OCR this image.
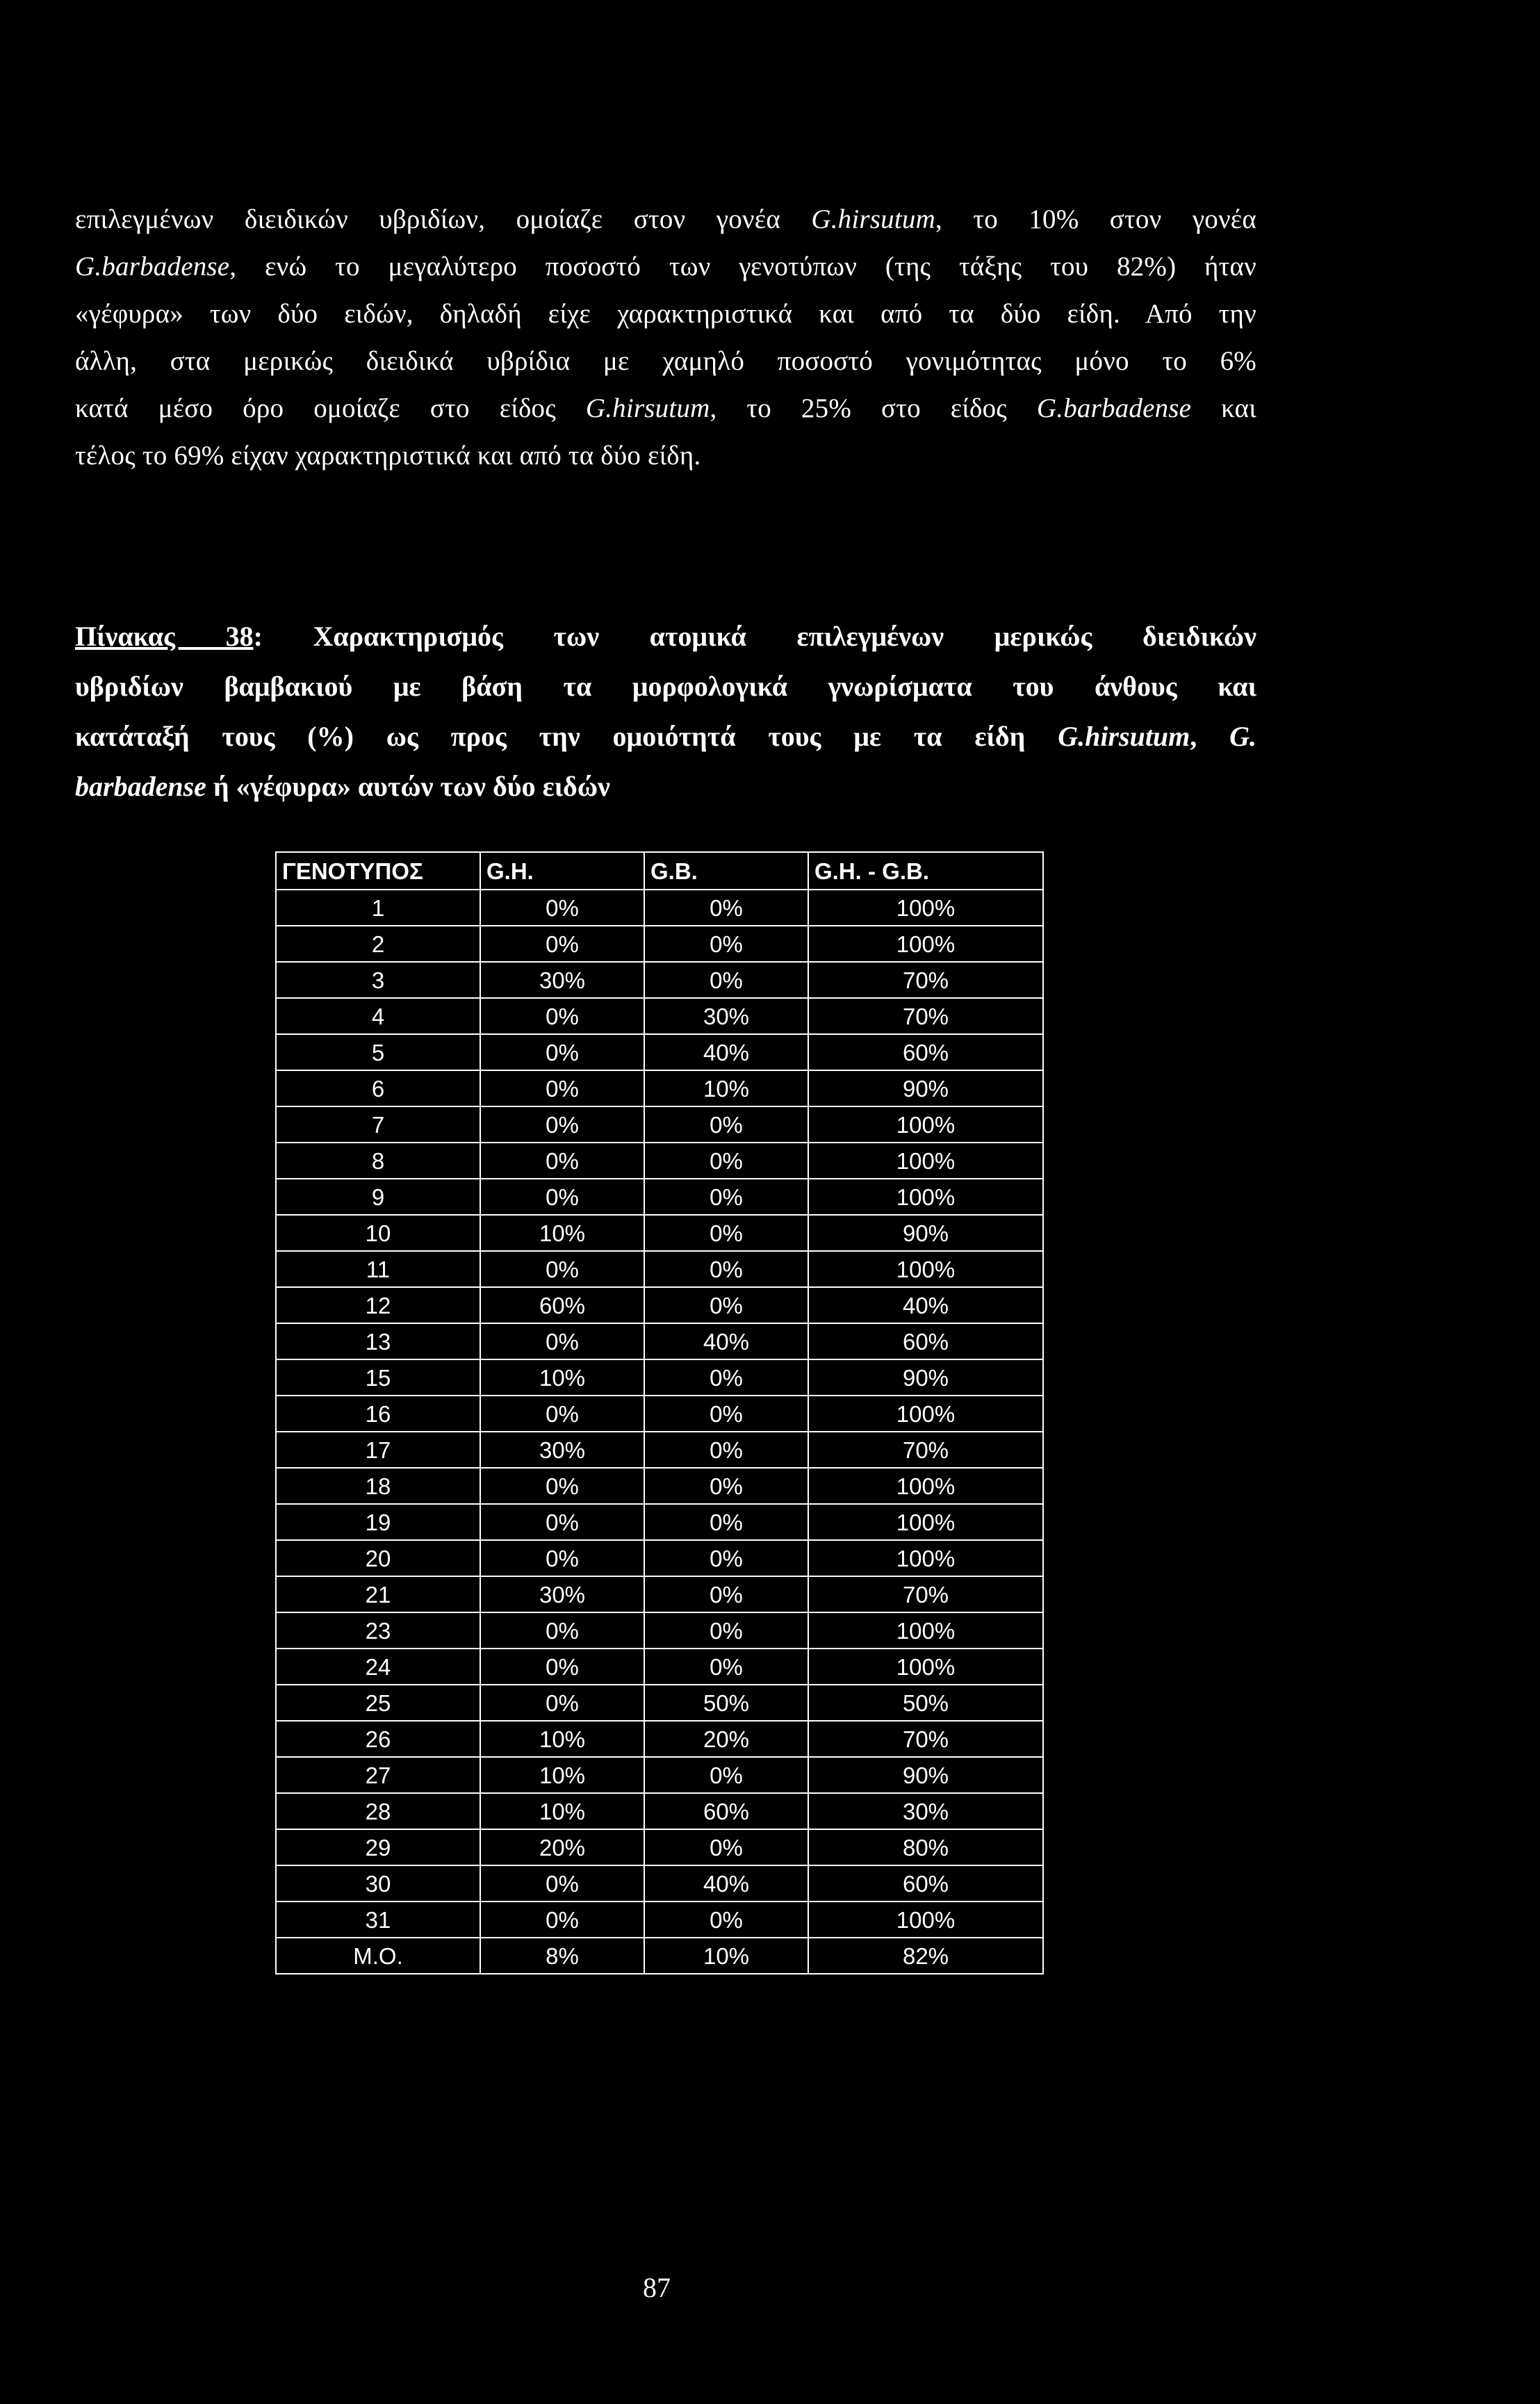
επιλεγμένων διειδικών υβριδίων, ομοίαζε στον γονέα G.hirsutum, το 10% στον γονέα
G.barbadense, ενώ το μεγαλύτερο ποσοστό των γενοτύπων (της τάξης του 82%) ήταν
«γέφυρα» των δύο ειδών, δηλαδή είχε χαρακτηριστικά και από τα δύο είδη. Από την
άλλη, στα μερικώς διειδικά υβρίδια με χαμηλό ποσοστό γονιμότητας μόνο το 6%
κατά μέσο όρο ομοίαζε στο είδος G.hirsutum, το 25% στο είδος G.barbadense και
τέλος το 69% είχαν χαρακτηριστικά και από τα δύο είδη.
Πίνακας 38: Χαρακτηρισμός των ατομικά επιλεγμένων μερικώς διειδικών
υβριδίων βαμβακιού με βάση τα μορφολογικά γνωρίσματα του άνθους και
κατάταξή τους (%) ως προς την ομοιότητά τους με τα είδη G.hirsutum, G.
barbadense ή «γέφυρα» αυτών των δύο ειδών
ΓΕΝΟΤΥΠΟΣ	G.H.	G.B.	G.H. - G.B.
1	0%	0%	100%
2	0%	0%	100%
3	30%	0%	70%
4	0%	30%	70%
5	0%	40%	60%
6	0%	10%	90%
7	0%	0%	100%
8	0%	0%	100%
9	0%	0%	100%
10	10%	0%	90%
11	0%	0%	100%
12	60%	0%	40%
13	0%	40%	60%
15	10%	0%	90%
16	0%	0%	100%
17	30%	0%	70%
18	0%	0%	100%
19	0%	0%	100%
20	0%	0%	100%
21	30%	0%	70%
23	0%	0%	100%
24	0%	0%	100%
25	0%	50%	50%
26	10%	20%	70%
27	10%	0%	90%
28	10%	60%	30%
29	20%	0%	80%
30	0%	40%	60%
31	0%	0%	100%
Μ.Ο.	8%	10%	82%
87
